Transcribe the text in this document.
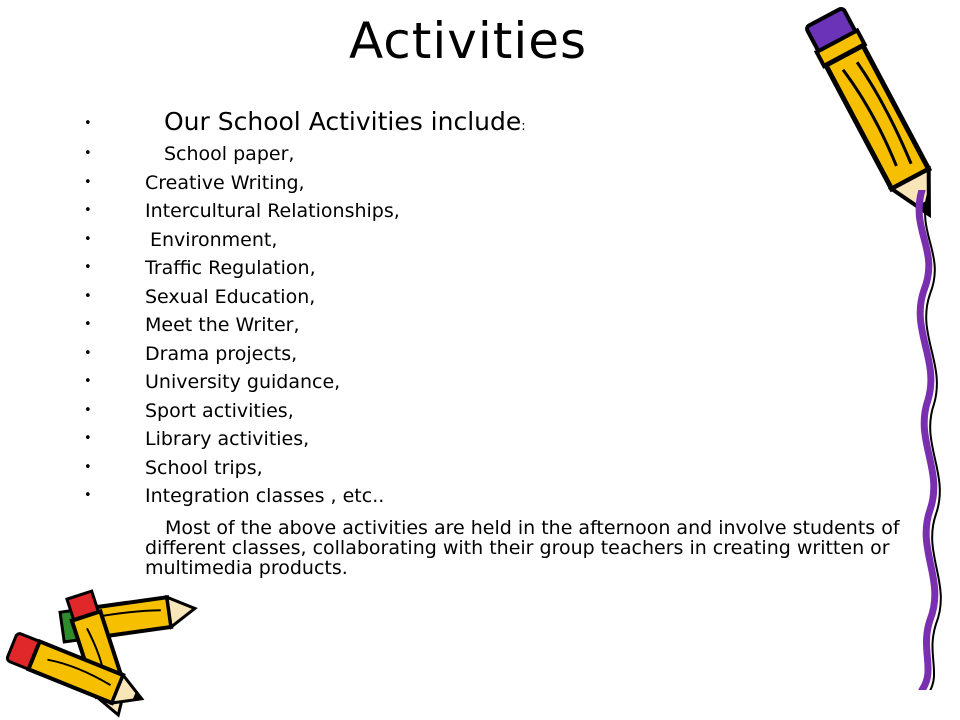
Activities
• Our School Activities include: ​​
• School paper,
• Creative Writing,
• Intercultural Relationships,
• Environment,
• Traffic Regulation,
• Sexual Education,
• Meet the Writer,
• Drama projects,
• University guidance,
• Sport activities,
• Library activities,
• School trips,
• Integration classes , etc..
Most of the above activities are held in the afternoon and involve students of different classes, collaborating with their group teachers in creating written or multimedia products.
